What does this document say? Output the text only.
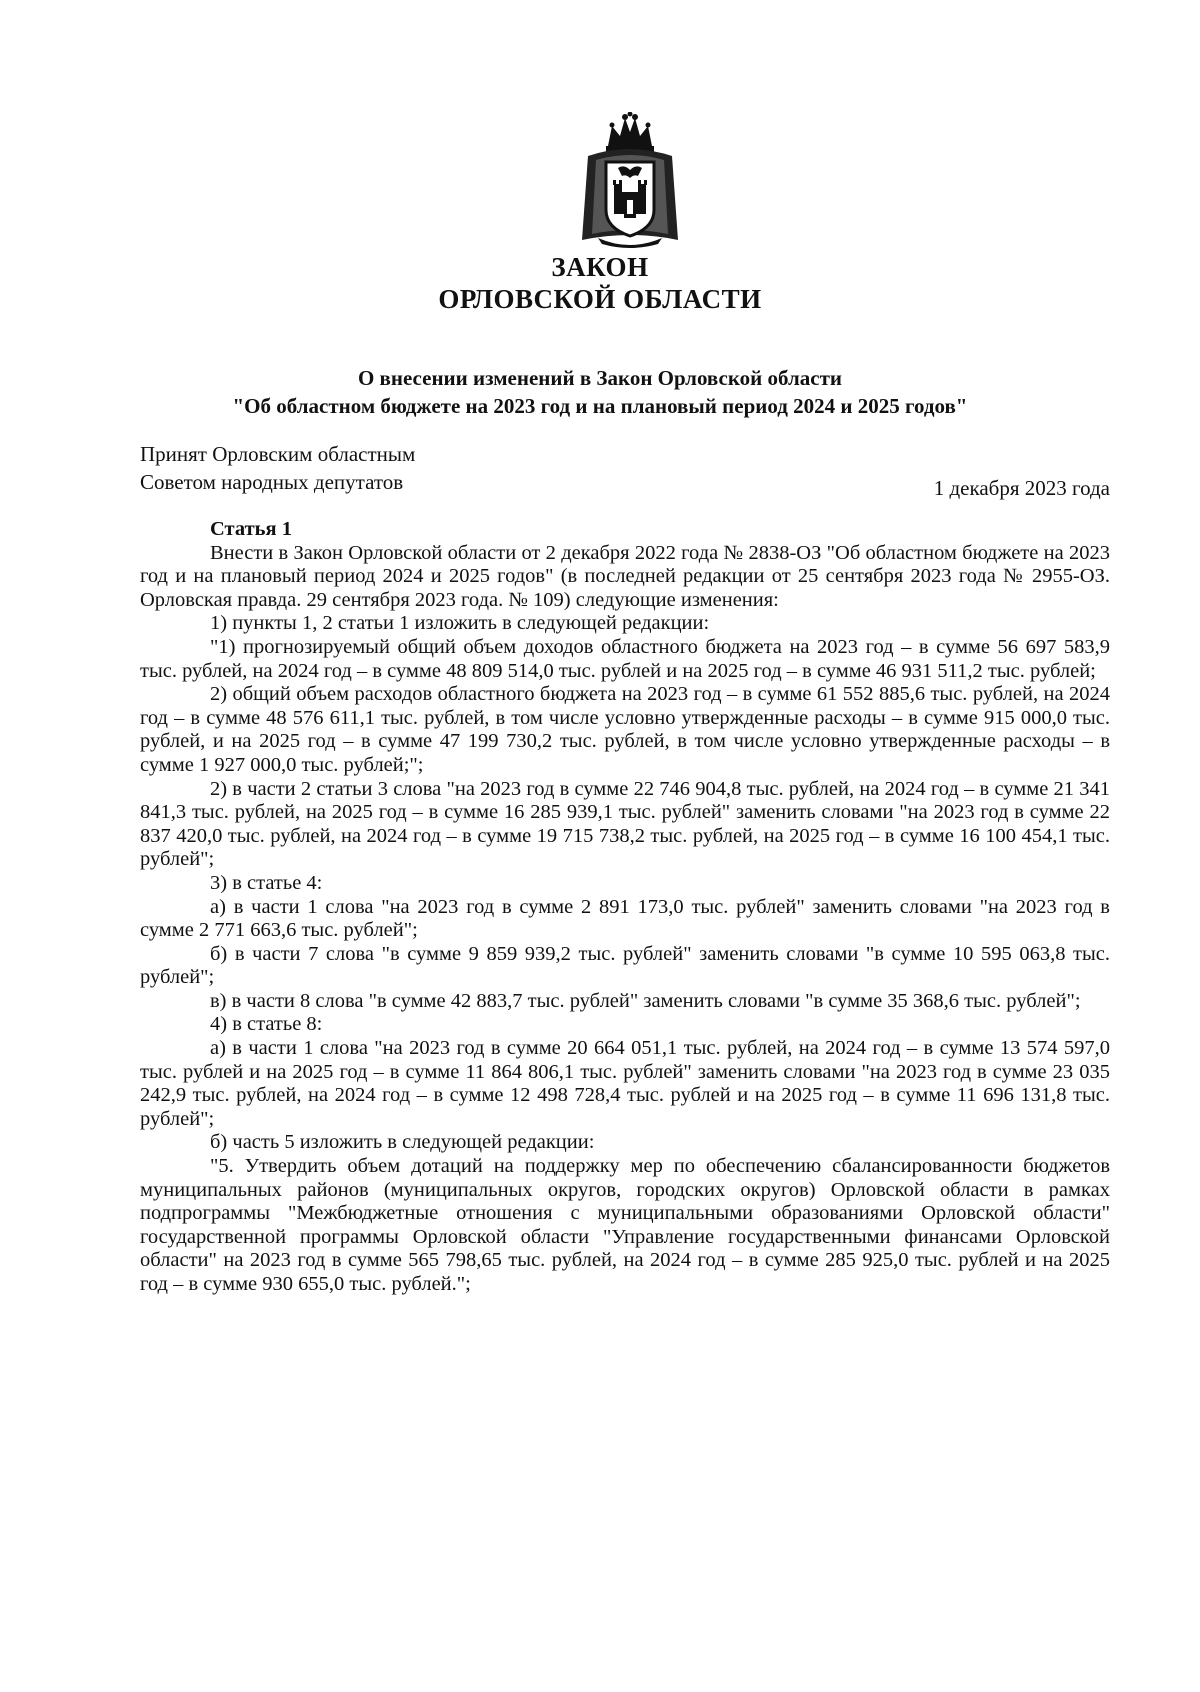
ЗАКОН
ОРЛОВСКОЙ ОБЛАСТИ
О внесении изменений в Закон Орловской области
"Об областном бюджете на 2023 год и на плановый период 2024 и 2025 годов"
Принят Орловским областным
Советом народных депутатов	1 декабря 2023 года

Статья 1

Внести в Закон Орловской области от 2 декабря 2022 года № 2838-ОЗ "Об областном бюджете на 2023 год и на плановый период 2024 и 2025 годов" (в последней редакции от 25 сентября 2023 года № 2955-ОЗ. Орловская правда. 29 сентября 2023 года. № 109) следующие изменения:

1) пункты 1, 2 статьи 1 изложить в следующей редакции:

"1) прогнозируемый общий объем доходов областного бюджета на 2023 год – в сумме 56 697 583,9 тыс. рублей, на 2024 год – в сумме 48 809 514,0 тыс. рублей и на 2025 год – в сумме 46 931 511,2 тыс. рублей;

2) общий объем расходов областного бюджета на 2023 год – в сумме 61 552 885,6 тыс. рублей, на 2024 год – в сумме 48 576 611,1 тыс. рублей, в том числе условно утвержденные расходы – в сумме 915 000,0 тыс. рублей, и на 2025 год – в сумме 47 199 730,2 тыс. рублей, в том числе условно утвержденные расходы – в сумме 1 927 000,0 тыс. рублей;";

2) в части 2 статьи 3 слова "на 2023 год в сумме 22 746 904,8 тыс. рублей, на 2024 год – в сумме 21 341 841,3 тыс. рублей, на 2025 год – в сумме 16 285 939,1 тыс. рублей" заменить словами "на 2023 год в сумме 22 837 420,0 тыс. рублей, на 2024 год – в сумме 19 715 738,2 тыс. рублей, на 2025 год – в сумме 16 100 454,1 тыс. рублей";

3) в статье 4:

а) в части 1 слова "на 2023 год в сумме 2 891 173,0 тыс. рублей" заменить словами "на 2023 год в сумме 2 771 663,6 тыс. рублей";

б) в части 7 слова "в сумме 9 859 939,2 тыс. рублей" заменить словами "в сумме 10 595 063,8 тыс. рублей";

в) в части 8 слова "в сумме 42 883,7 тыс. рублей" заменить словами "в сумме 35 368,6 тыс. рублей";

4) в статье 8:

а) в части 1 слова "на 2023 год в сумме 20 664 051,1 тыс. рублей, на 2024 год – в сумме 13 574 597,0 тыс. рублей и на 2025 год – в сумме 11 864 806,1 тыс. рублей" заменить словами "на 2023 год в сумме 23 035 242,9 тыс. рублей, на 2024 год – в сумме 12 498 728,4 тыс. рублей и на 2025 год – в сумме 11 696 131,8 тыс. рублей";

б) часть 5 изложить в следующей редакции:

"5. Утвердить объем дотаций на поддержку мер по обеспечению сбалансированности бюджетов муниципальных районов (муниципальных округов, городских округов) Орловской области в рамках подпрограммы "Межбюджетные отношения с муниципальными образованиями Орловской области" государственной программы Орловской области "Управление государственными финансами Орловской области" на 2023 год в сумме 565 798,65 тыс. рублей, на 2024 год – в сумме 285 925,0 тыс. рублей и на 2025 год – в сумме 930 655,0 тыс. рублей.";
